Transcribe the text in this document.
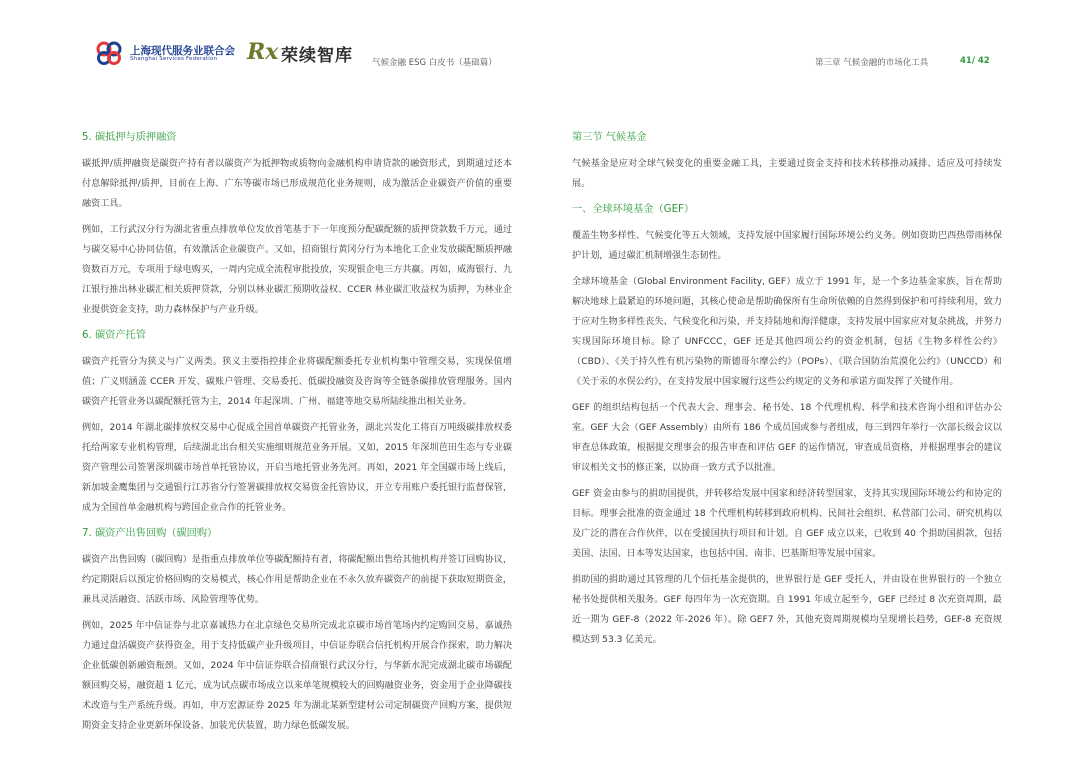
上海现代服务业联合会
Shanghai Services Federation Rx 荣续智库 气候金融 ESG 白皮书（基础篇）	第三章 气候金融的市场化工具	41/ 42
5. 碳抵押与质押融资

碳抵押/质押融资是碳资产持有者以碳资产为抵押物或质物向金融机构申请贷款的融资形式，到期通过还本付息解除抵押/质押，目前在上海、广东等碳市场已形成规范化业务规则，成为激活企业碳资产价值的重要融资工具。

例如，工行武汉分行为湖北省重点排放单位发放首笔基于下一年度预分配碳配额的质押贷款数千万元，通过与碳交易中心协同估值，有效激活企业碳资产。又如，招商银行黄冈分行为本地化工企业发放碳配额质押融资数百万元，专项用于绿电购买，一周内完成全流程审批投放，实现银企电三方共赢。再如，威海银行、九江银行推出林业碳汇相关质押贷款，分别以林业碳汇预期收益权、CCER 林业碳汇收益权为质押，为林业企业提供资金支持，助力森林保护与产业升级。

6. 碳资产托管

碳资产托管分为狭义与广义两类。狭义主要指控排企业将碳配额委托专业机构集中管理交易，实现保值增值；广义则涵盖 CCER 开发、碳账户管理、交易委托、低碳投融资及咨询等全链条碳排放管理服务。国内碳资产托管业务以碳配额托管为主，2014 年起深圳、广州、福建等地交易所陆续推出相关业务。

例如，2014 年湖北碳排放权交易中心促成全国首单碳资产托管业务，湖北兴发化工将百万吨级碳排放权委托给两家专业机构管理，后续湖北出台相关实施细则规范业务开展。又如，2015 年深圳芭田生态与专业碳资产管理公司签署深圳碳市场首单托管协议，开启当地托管业务先河。再如，2021 年全国碳市场上线后，新加坡金鹰集团与交通银行江苏省分行签署碳排放权交易资金托管协议，开立专用账户委托银行监督保管，成为全国首单金融机构与跨国企业合作的托管业务。

7. 碳资产出售回购（碳回购）

碳资产出售回购（碳回购）是指重点排放单位等碳配额持有者，将碳配额出售给其他机构并签订回购协议，约定期限后以预定价格回购的交易模式，核心作用是帮助企业在不永久放弃碳资产的前提下获取短期资金，兼具灵活融资、活跃市场、风险管理等优势。

例如，2025 年中信证券与北京嘉诚热力在北京绿色交易所完成北京碳市场首笔场内约定购回交易，嘉诚热力通过盘活碳资产获得资金，用于支持低碳产业升级项目，中信证券联合信托机构开展合作探索，助力解决企业低碳创新融资瓶颈。又如，2024 年中信证券联合招商银行武汉分行，与华新水泥完成湖北碳市场碳配额回购交易，融资超 1 亿元，成为试点碳市场成立以来单笔规模较大的回购融资业务，资金用于企业降碳技术改造与生产系统升级。再如，申万宏源证券 2025 年为湖北某新型建材公司定制碳资产回购方案，提供短期资金支持企业更新环保设备、加装光伏装置，助力绿色低碳发展。

第三节 气候基金

气候基金是应对全球气候变化的重要金融工具，主要通过资金支持和技术转移推动减排、适应及可持续发展。

一、全球环境基金（GEF）

覆盖生物多样性、气候变化等五大领域，支持发展中国家履行国际环境公约义务。例如资助巴西热带雨林保护计划，通过碳汇机制增强生态韧性。

全球环境基金（Global Environment Facility, GEF）成立于 1991 年，是一个多边基金家族，旨在帮助解决地球上最紧迫的环境问题，其核心使命是帮助确保所有生命所依赖的自然得到保护和可持续利用，致力于应对生物多样性丧失、气候变化和污染，并支持陆地和海洋健康，支持发展中国家应对复杂挑战，并努力实现国际环境目标。除了 UNFCCC，GEF 还是其他四项公约的资金机制，包括《生物多样性公约》（CBD）、《关于持久性有机污染物的斯德哥尔摩公约》（POPs）、《联合国防治荒漠化公约》（UNCCD）和《关于汞的水俣公约》，在支持发展中国家履行这些公约规定的义务和承诺方面发挥了关键作用。

GEF 的组织结构包括一个代表大会、理事会、秘书处、18 个代理机构、科学和技术咨询小组和评估办公室。GEF 大会（GEF Assembly）由所有 186 个成员国或参与者组成，每三到四年举行一次部长级会议以审查总体政策，根据提交理事会的报告审查和评估 GEF 的运作情况，审查成员资格，并根据理事会的建议审议相关文书的修正案，以协商一致方式予以批准。

GEF 资金由参与的捐助国提供，并转移给发展中国家和经济转型国家，支持其实现国际环境公约和协定的目标。理事会批准的资金通过 18 个代理机构转移到政府机构、民间社会组织、私营部门公司、研究机构以及广泛的潜在合作伙伴，以在受援国执行项目和计划。自 GEF 成立以来，已收到 40 个捐助国捐款，包括美国、法国、日本等发达国家，也包括中国、南非、巴基斯坦等发展中国家。

捐助国的捐助通过其管理的几个信托基金提供的，世界银行是 GEF 受托人，并由设在世界银行的一个独立秘书处提供相关服务。GEF 每四年为一次充资期。自 1991 年成立起至今，GEF 已经过 8 次充资周期，最近一期为 GEF-8（2022 年-2026 年）。除 GEF7 外，其他充资周期规模均呈现增长趋势，GEF-8 充资规模达到 53.3 亿美元。
